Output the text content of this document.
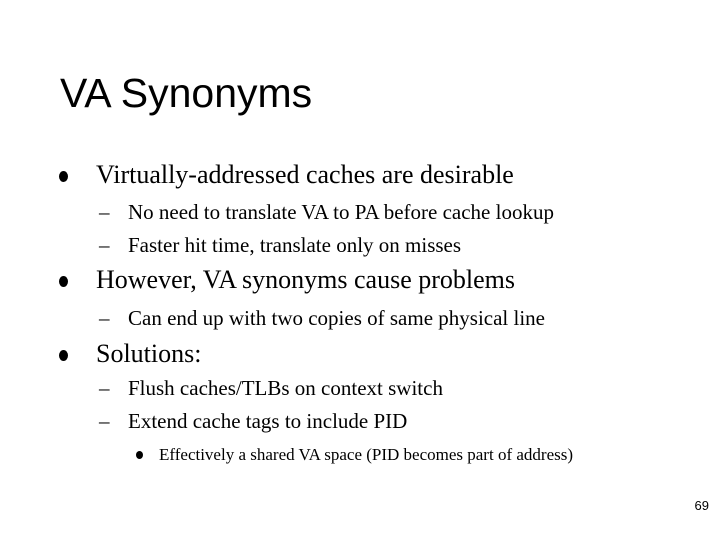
VA Synonyms
Virtually-addressed caches are desirable
– No need to translate VA to PA before cache lookup
– Faster hit time, translate only on misses
However, VA synonyms cause problems
– Can end up with two copies of same physical line
Solutions:
– Flush caches/TLBs on context switch
– Extend cache tags to include PID
Effectively a shared VA space (PID becomes part of address)
69
